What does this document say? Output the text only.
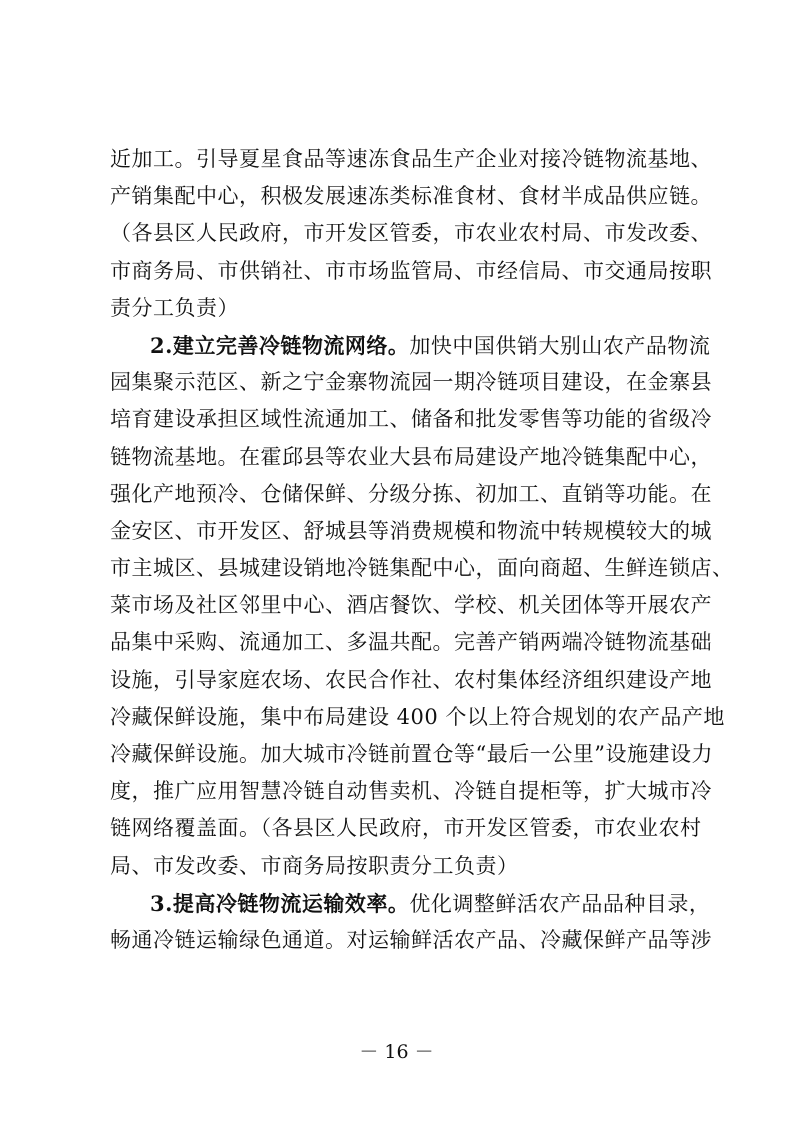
近加工。引导夏星食品等速冻食品生产企业对接冷链物流基地、
产销集配中心，积极发展速冻类标准食材、食材半成品供应链。
（各县区人民政府，市开发区管委，市农业农村局、市发改委、
市商务局、市供销社、市市场监管局、市经信局、市交通局按职
责分工负责）
2.建立完善冷链物流网络。加快中国供销大别山农产品物流
园集聚示范区、新之宁金寨物流园一期冷链项目建设，在金寨县
培育建设承担区域性流通加工、储备和批发零售等功能的省级冷
链物流基地。在霍邱县等农业大县布局建设产地冷链集配中心，
强化产地预冷、仓储保鲜、分级分拣、初加工、直销等功能。在
金安区、市开发区、舒城县等消费规模和物流中转规模较大的城
市主城区、县城建设销地冷链集配中心，面向商超、生鲜连锁店、
菜市场及社区邻里中心、酒店餐饮、学校、机关团体等开展农产
品集中采购、流通加工、多温共配。完善产销两端冷链物流基础
设施，引导家庭农场、农民合作社、农村集体经济组织建设产地
冷藏保鲜设施，集中布局建设 400 个以上符合规划的农产品产地
冷藏保鲜设施。加大城市冷链前置仓等“最后一公里”设施建设力
度，推广应用智慧冷链自动售卖机、冷链自提柜等，扩大城市冷
链网络覆盖面。（各县区人民政府，市开发区管委，市农业农村
局、市发改委、市商务局按职责分工负责）
3.提高冷链物流运输效率。优化调整鲜活农产品品种目录，
畅通冷链运输绿色通道。对运输鲜活农产品、冷藏保鲜产品等涉
－ 16 －
